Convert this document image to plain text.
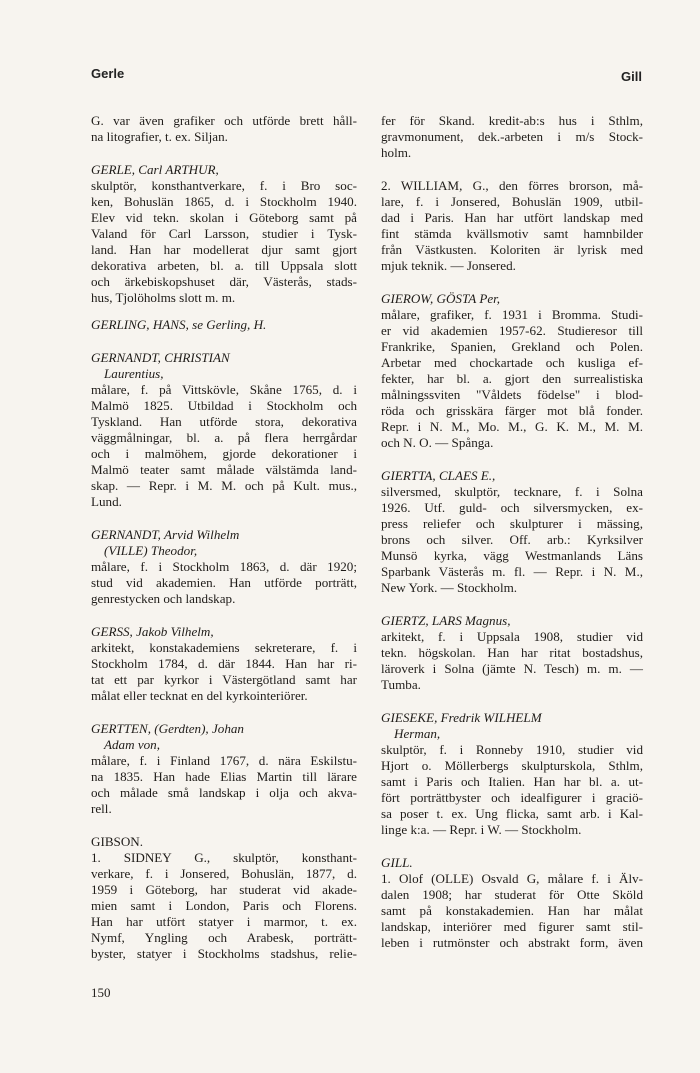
Gerle	Gill
G. var även grafiker och utförde brett håll-
na litografier, t. ex. Siljan.
GERLE, Carl ARTHUR,
skulptör, konsthantverkare, f. i Bro soc-
ken, Bohuslän 1865, d. i Stockholm 1940.
Elev vid tekn. skolan i Göteborg samt på
Valand för Carl Larsson, studier i Tysk-
land. Han har modellerat djur samt gjort
dekorativa arbeten, bl. a. till Uppsala slott
och ärkebiskopshuset där, Västerås, stads-
hus, Tjolöholms slott m. m.
GERLING, HANS, se Gerling, H.
GERNANDT, CHRISTIAN
Laurentius,
målare, f. på Vittskövle, Skåne 1765, d. i
Malmö 1825. Utbildad i Stockholm och
Tyskland. Han utförde stora, dekorativa
väggmålningar, bl. a. på flera herrgårdar
och i malmöhem, gjorde dekorationer i
Malmö teater samt målade välstämda land-
skap. — Repr. i M. M. och på Kult. mus.,
Lund.
GERNANDT, Arvid Wilhelm
(VILLE) Theodor,
målare, f. i Stockholm 1863, d. där 1920;
stud vid akademien. Han utförde porträtt,
genrestycken och landskap.
GERSS, Jakob Vilhelm,
arkitekt, konstakademiens sekreterare, f. i
Stockholm 1784, d. där 1844. Han har ri-
tat ett par kyrkor i Västergötland samt har
målat eller tecknat en del kyrkointeriörer.
GERTTEN, (Gerdten), Johan
Adam von,
målare, f. i Finland 1767, d. nära Eskilstu-
na 1835. Han hade Elias Martin till lärare
och målade små landskap i olja och akva-
rell.
GIBSON.
1. SIDNEY G., skulptör, konsthant-
verkare, f. i Jonsered, Bohuslän, 1877, d.
1959 i Göteborg, har studerat vid akade-
mien samt i London, Paris och Florens.
Han har utfört statyer i marmor, t. ex.
Nymf, Yngling och Arabesk, porträtt-
byster, statyer i Stockholms stadshus, relie-
fer för Skand. kredit-ab:s hus i Sthlm,
gravmonument, dek.-arbeten i m/s Stock-
holm.
2. WILLIAM, G., den förres brorson, må-
lare, f. i Jonsered, Bohuslän 1909, utbil-
dad i Paris. Han har utfört landskap med
fint stämda kvällsmotiv samt hamnbilder
från Västkusten. Koloriten är lyrisk med
mjuk teknik. — Jonsered.
GIEROW, GÖSTA Per,
målare, grafiker, f. 1931 i Bromma. Studi-
er vid akademien 1957-62. Studieresor till
Frankrike, Spanien, Grekland och Polen.
Arbetar med chockartade och kusliga ef-
fekter, har bl. a. gjort den surrealistiska
målningssviten "Våldets födelse" i blod-
röda och grisskära färger mot blå fonder.
Repr. i N. M., Mo. M., G. K. M., M. M.
och N. O. — Spånga.
GIERTTA, CLAES E.,
silversmed, skulptör, tecknare, f. i Solna
1926. Utf. guld- och silversmycken, ex-
press reliefer och skulpturer i mässing,
brons och silver. Off. arb.: Kyrksilver
Munsö kyrka, vägg Westmanlands Läns
Sparbank Västerås m. fl. — Repr. i N. M.,
New York. — Stockholm.
GIERTZ, LARS Magnus,
arkitekt, f. i Uppsala 1908, studier vid
tekn. högskolan. Han har ritat bostadshus,
läroverk i Solna (jämte N. Tesch) m. m. —
Tumba.
GIESEKE, Fredrik WILHELM
Herman,
skulptör, f. i Ronneby 1910, studier vid
Hjort o. Möllerbergs skulpturskola, Sthlm,
samt i Paris och Italien. Han har bl. a. ut-
fört porträttbyster och idealfigurer i graciö-
sa poser t. ex. Ung flicka, samt arb. i Kal-
linge k:a. — Repr. i W. — Stockholm.
GILL.
1. Olof (OLLE) Osvald G, målare f. i Älv-
dalen 1908; har studerat för Otte Sköld
samt på konstakademien. Han har målat
landskap, interiörer med figurer samt stil-
leben i rutmönster och abstrakt form, även
150
